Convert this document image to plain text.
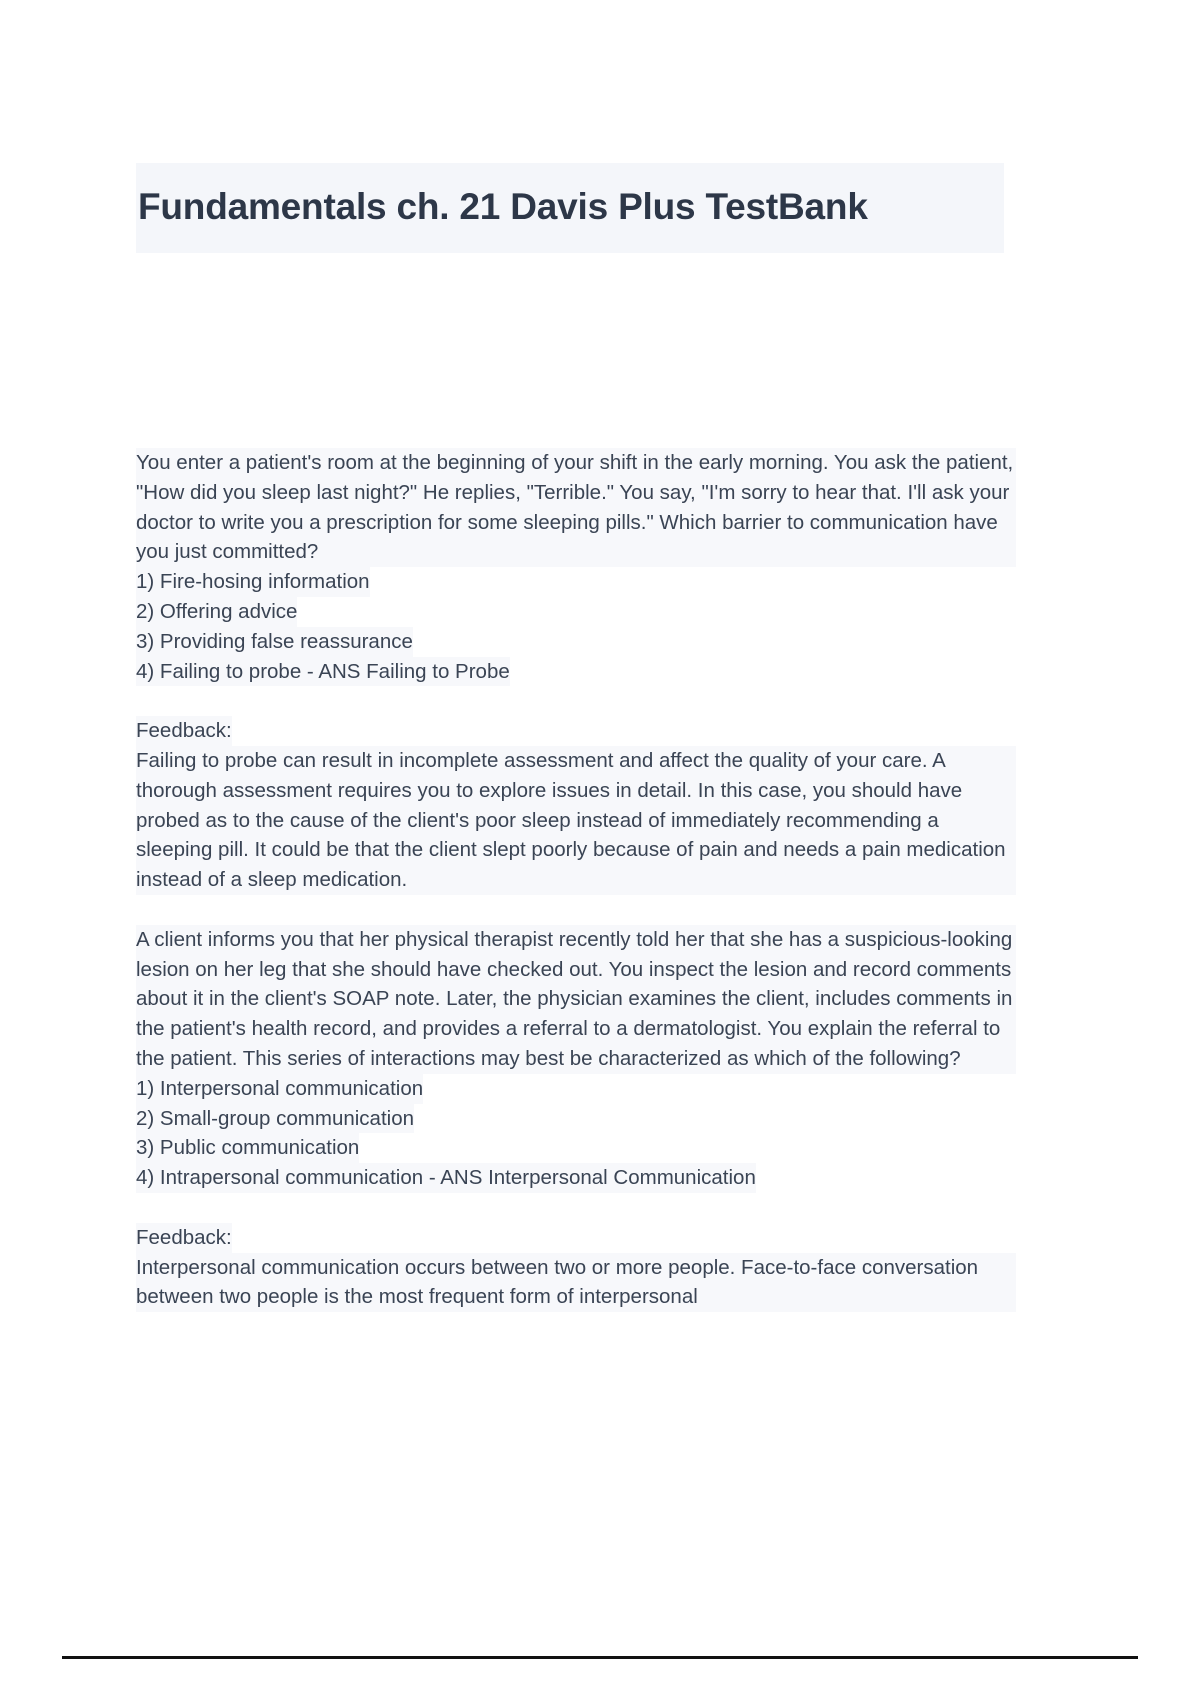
Fundamentals ch. 21 Davis Plus TestBank
You enter a patient's room at the beginning of your shift in the early morning. You ask the patient, "How did you sleep last night?" He replies, "Terrible." You say, "I'm sorry to hear that. I'll ask your doctor to write you a prescription for some sleeping pills." Which barrier to communication have you just committed?
1) Fire-hosing information
2) Offering advice
3) Providing false reassurance
4) Failing to probe - ANS Failing to Probe
Feedback:
Failing to probe can result in incomplete assessment and affect the quality of your care. A thorough assessment requires you to explore issues in detail. In this case, you should have probed as to the cause of the client's poor sleep instead of immediately recommending a sleeping pill. It could be that the client slept poorly because of pain and needs a pain medication instead of a sleep medication.
A client informs you that her physical therapist recently told her that she has a suspicious-looking lesion on her leg that she should have checked out. You inspect the lesion and record comments about it in the client's SOAP note. Later, the physician examines the client, includes comments in the patient's health record, and provides a referral to a dermatologist. You explain the referral to the patient. This series of interactions may best be characterized as which of the following?
1) Interpersonal communication
2) Small-group communication
3) Public communication
4) Intrapersonal communication - ANS Interpersonal Communication
Feedback:
Interpersonal communication occurs between two or more people. Face-to-face conversation between two people is the most frequent form of interpersonal
